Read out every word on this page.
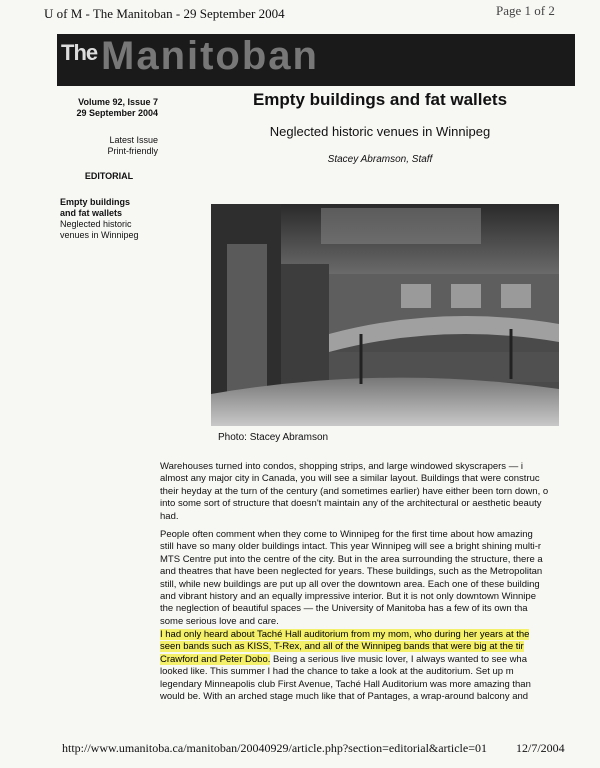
U of M - The Manitoban - 29 September 2004	Page 1 of 2
The Manitoban
Volume 92, Issue 7
29 September 2004
Latest Issue
Print-friendly
EDITORIAL
Empty buildings
and fat wallets
Neglected historic
venues in Winnipeg
Empty buildings and fat wallets
Neglected historic venues in Winnipeg
Stacey Abramson, Staff
Photo: Stacey Abramson
Warehouses turned into condos, shopping strips, and large windowed skyscrapers — i
almost any major city in Canada, you will see a similar layout. Buildings that were construc
their heyday at the turn of the century (and sometimes earlier) have either been torn down, o
into some sort of structure that doesn't maintain any of the architectural or aesthetic beauty
had.
People often comment when they come to Winnipeg for the first time about how amazing
still have so many older buildings intact. This year Winnipeg will see a bright shining multi-r
MTS Centre put into the centre of the city. But in the area surrounding the structure, there a
and theatres that have been neglected for years. These buildings, such as the Metropolitan
still, while new buildings are put up all over the downtown area. Each one of these building
and vibrant history and an equally impressive interior. But it is not only downtown Winnipe
the neglection of beautiful spaces — the University of Manitoba has a few of its own tha
some serious love and care.
I had only heard about Taché Hall auditorium from my mom, who during her years at the
seen bands such as KISS, T-Rex, and all of the Winnipeg bands that were big at the tir
Crawford and Peter Dobo. Being a serious live music lover, I always wanted to see wha
looked like. This summer I had the chance to take a look at the auditorium. Set up m
legendary Minneapolis club First Avenue, Taché Hall Auditorium was more amazing than
would be. With an arched stage much like that of Pantages, a wrap-around balcony and
http://www.umanitoba.ca/manitoban/20040929/article.php?section=editorial&article=01 12/7/2004
